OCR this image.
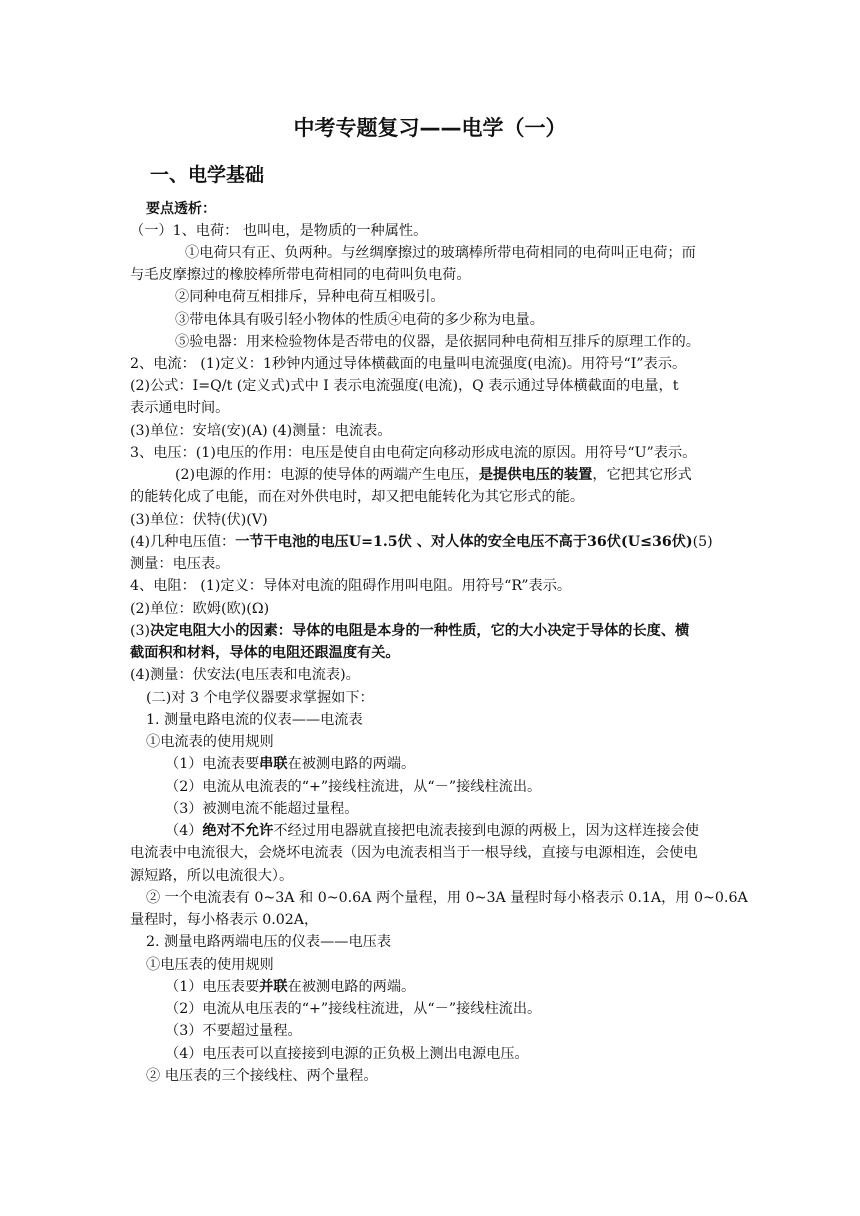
中考专题复习——电学（一）
一、电学基础
要点透析：
（一）1、电荷： 也叫电，是物质的一种属性。
①电荷只有正、负两种。与丝绸摩擦过的玻璃棒所带电荷相同的电荷叫正电荷；而
与毛皮摩擦过的橡胶棒所带电荷相同的电荷叫负电荷。
②同种电荷互相排斥，异种电荷互相吸引。
③带电体具有吸引轻小物体的性质④电荷的多少称为电量。
⑤验电器：用来检验物体是否带电的仪器，是依据同种电荷相互排斥的原理工作的。
2、电流： (1)定义：1秒钟内通过导体横截面的电量叫电流强度(电流)。用符号“I”表示。
(2)公式：I=Q/t (定义式)式中 I 表示电流强度(电流)，Q 表示通过导体横截面的电量，t
表示通电时间。
(3)单位：安培(安)(A) (4)测量：电流表。
3、电压：(1)电压的作用：电压是使自由电荷定向移动形成电流的原因。用符号“U”表示。
(2)电源的作用：电源的使导体的两端产生电压，是提供电压的装置，它把其它形式
的能转化成了电能，而在对外供电时，却又把电能转化为其它形式的能。
(3)单位：伏特(伏)(V)
(4)几种电压值：一节干电池的电压U=1.5伏 、对人体的安全电压不高于36伏(U≤36伏)(5)
测量：电压表。
4、电阻： (1)定义：导体对电流的阻碍作用叫电阻。用符号“R”表示。
(2)单位：欧姆(欧)(Ω)
(3)决定电阻大小的因素：导体的电阻是本身的一种性质，它的大小决定于导体的长度、横
截面积和材料，导体的电阻还跟温度有关。
(4)测量：伏安法(电压表和电流表)。
(二)对 3 个电学仪器要求掌握如下：
1. 测量电路电流的仪表——电流表
①电流表的使用规则
（1）电流表要串联在被测电路的两端。
（2）电流从电流表的“+”接线柱流进，从“－”接线柱流出。
（3）被测电流不能超过量程。
（4）绝对不允许不经过用电器就直接把电流表接到电源的两极上，因为这样连接会使
电流表中电流很大，会烧坏电流表（因为电流表相当于一根导线，直接与电源相连，会使电
源短路，所以电流很大）。
② 一个电流表有 0~3A 和 0~0.6A 两个量程，用 0~3A 量程时每小格表示 0.1A，用 0~0.6A
量程时，每小格表示 0.02A，
2. 测量电路两端电压的仪表——电压表
①电压表的使用规则
（1）电压表要并联在被测电路的两端。
（2）电流从电压表的“+”接线柱流进，从“－”接线柱流出。
（3）不要超过量程。
（4）电压表可以直接接到电源的正负极上测出电源电压。
② 电压表的三个接线柱、两个量程。
